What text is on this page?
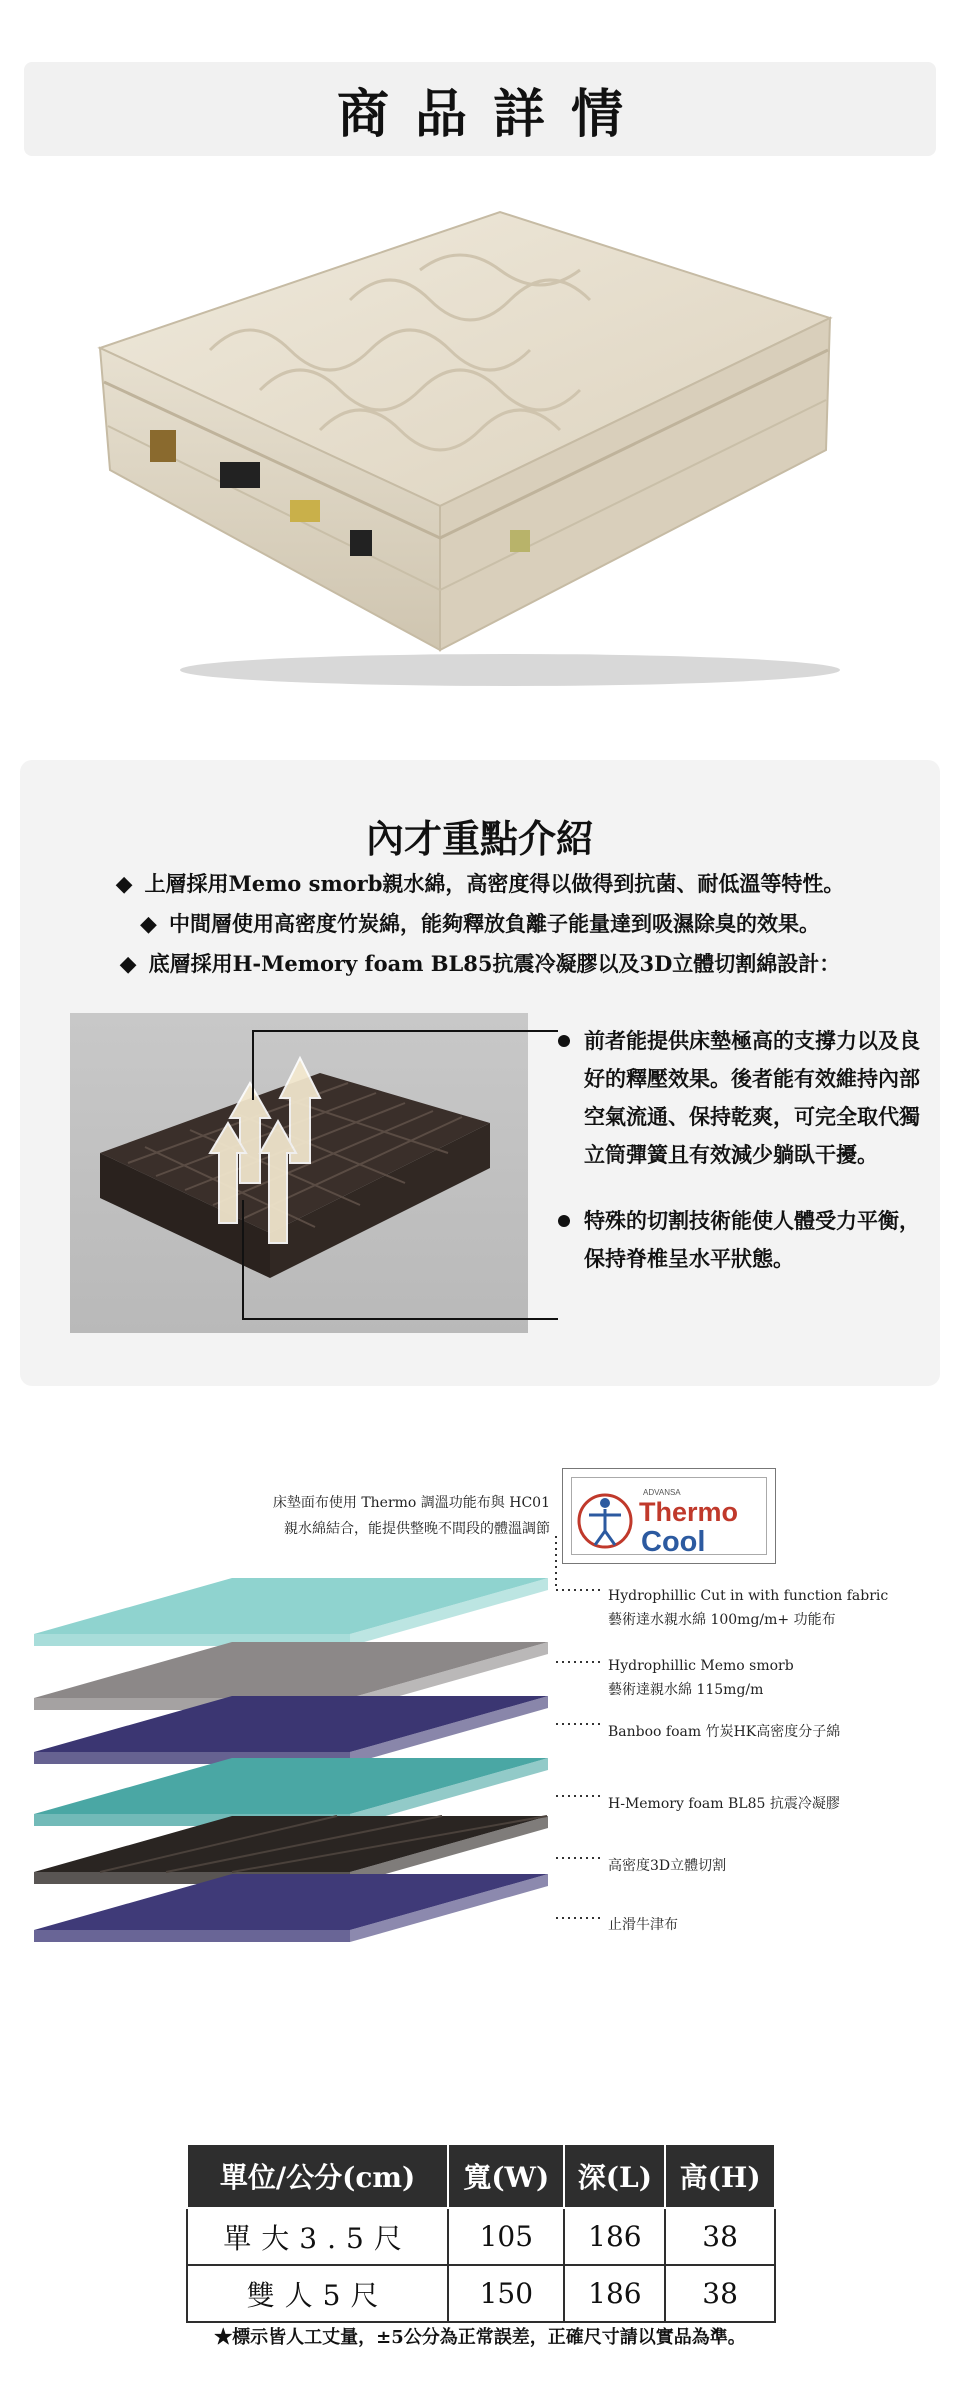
商品詳情
內才重點介紹
◆ 上層採用Memo smorb親水綿，高密度得以做得到抗菌、耐低溫等特性。
◆ 中間層使用高密度竹炭綿，能夠釋放負離子能量達到吸濕除臭的效果。
◆ 底層採用H-Memory foam BL85抗震冷凝膠以及3D立體切割綿設計：
前者能提供床墊極高的支撐力以及良好的釋壓效果。後者能有效維持內部空氣流通、保持乾爽，可完全取代獨立筒彈簧且有效減少躺臥干擾。
特殊的切割技術能使人體受力平衡，保持脊椎呈水平狀態。
床墊面布使用 Thermo 調溫功能布與 HC01
親水綿結合，能提供整晚不間段的體溫調節
ADVANSA
Thermo
Cool
Hydrophillic Cut in with function fabric
藝術達水親水綿 100mg/m+ 功能布
Hydrophillic Memo smorb
藝術達親水綿 115mg/m
Banboo foam 竹炭HK高密度分子綿
H-Memory foam BL85 抗震冷凝膠
高密度3D立體切割
止滑牛津布
單位/公分(cm)	寬(W)	深(L)	高(H)
單大3.5尺	105	186	38
雙人5尺	150	186	38
★標示皆人工丈量，±5公分為正常誤差，正確尺寸請以實品為準。
